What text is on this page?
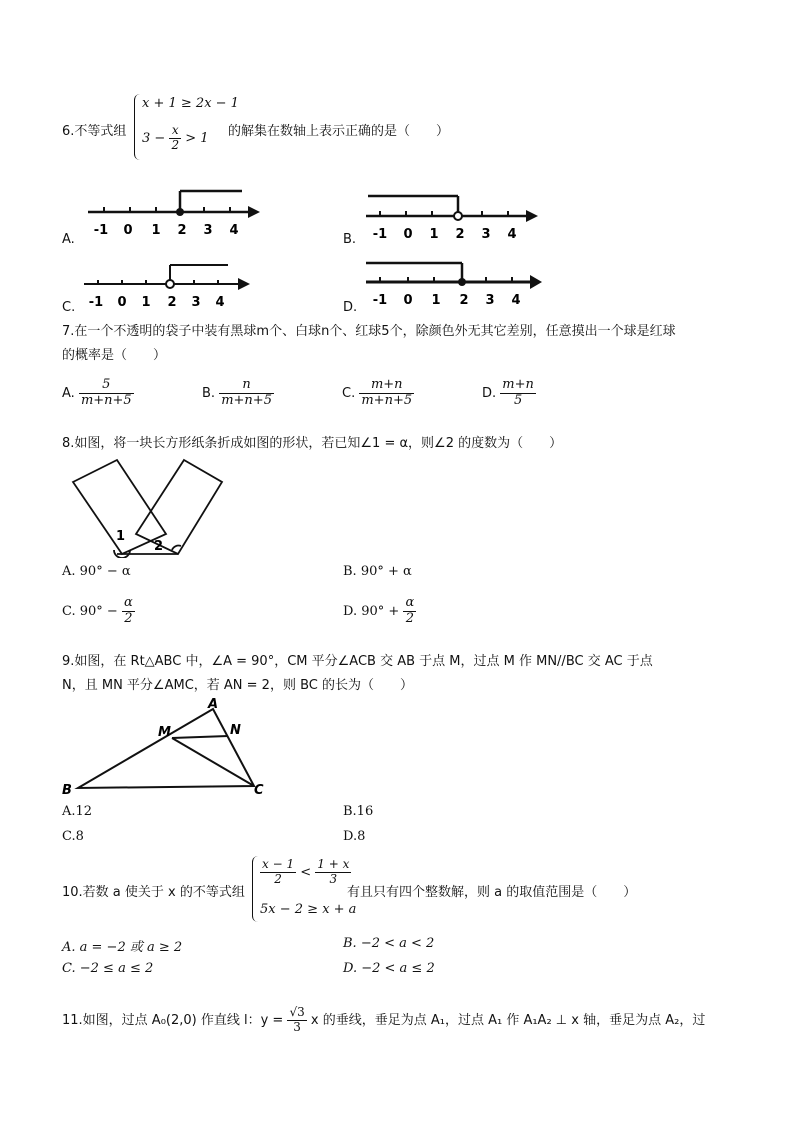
6.不等式组
x + 1 ≥ 2x − 1
$3 - \frac{x}{2} > 1$ 的解集在数轴上表示正确的是（　　）
A.
-1 0 1 2 3 4
B. -1 0 1 2 3 4
C. -1 0 1 2 3 4	D. -1 0 1 2 3 4
7.在一个不透明的袋子中装有黑球m个、白球n个、红球5个，除颜色外无其它差别，任意摸出一个球是红球
的概率是（　　）
A. $\frac{5}{m+n+5}$	B. $\frac{n}{m+n+5}$	C. $\frac{m+n}{m+n+5}$	D. $\frac{m+n}{5}$
8.如图，将一块长方形纸条折成如图的形状，若已知∠1 = α，则∠2 的度数为（　　）
1
2
A. 90° − α	B. 90° + α
C. $90^\circ - \frac{\alpha}{2}$	D. $90^\circ + \frac{\alpha}{2}$
9.如图，在 Rt△ABC 中，∠A = 90°，CM 平分∠ACB 交 AB 于点 M，过点 M 作 MN//BC 交 AC 于点
N，且 MN 平分∠AMC，若 AN = 2，则 BC 的长为（　　）
A
M	N
B	C
A.12	B.16
C.8	D.8
10.若数 a 使关于 x 的不等式组
$\frac{x - 1}{2} < \frac{1 + x}{3}$
5x − 2 ≥ x + a
有且只有四个整数解，则 a 的取值范围是（　　）
A. a = −2 或 a ≥ 2	B. −2 < a < 2
C. −2 ≤ a ≤ 2	D. −2 < a ≤ 2
11.如图，过点 A₀(2,0) 作直线 l：$y = \frac{√3}{3}$ x 的垂线，垂足为点 A₁，过点 A₁ 作 A₁A₂ ⊥ x 轴，垂足为点 A₂，过
